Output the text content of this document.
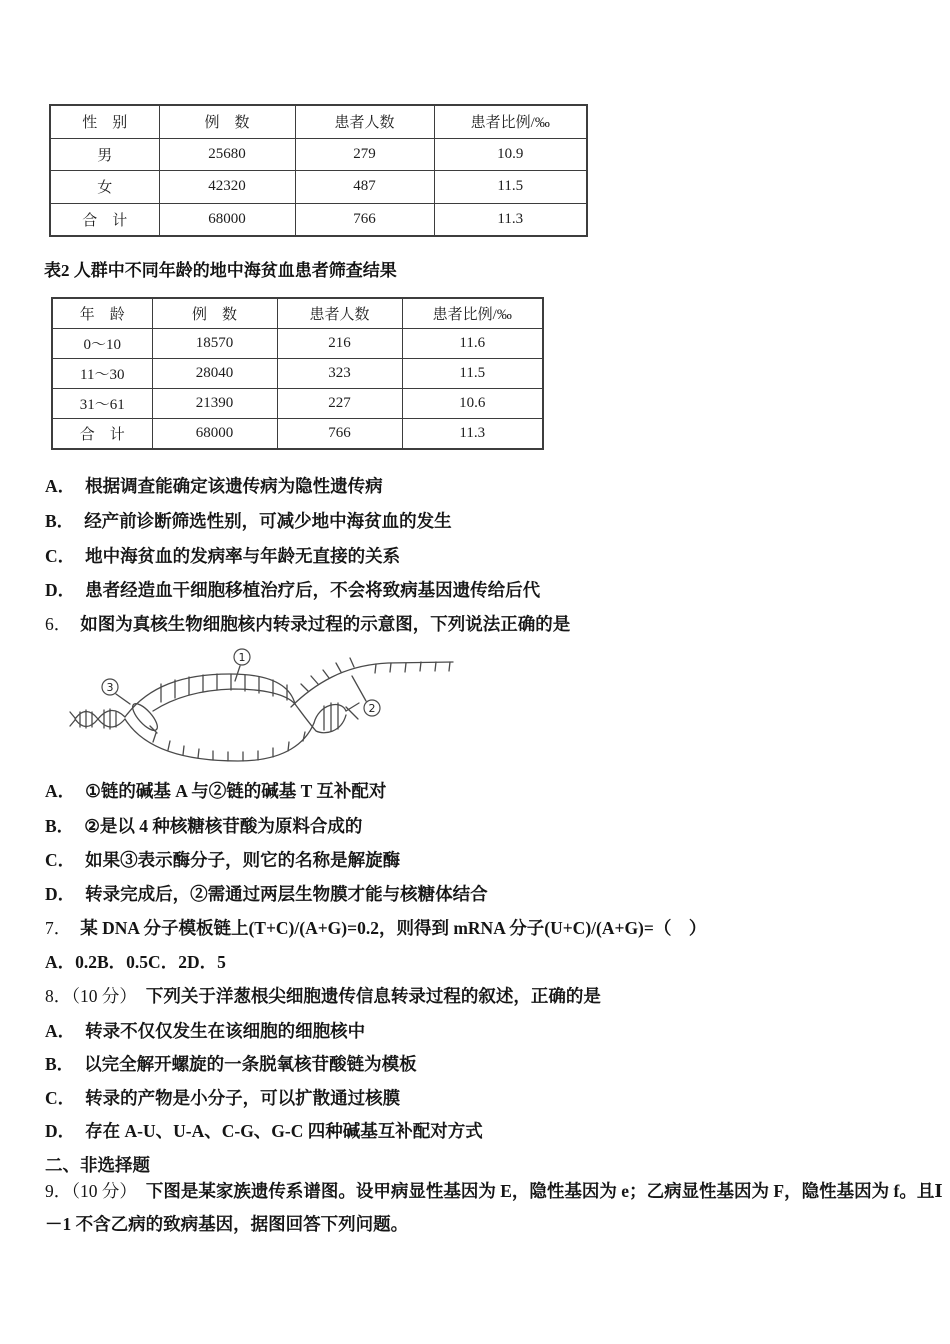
性　别	例　数	患者人数	患者比例/‰
男	25680	279	10.9
女	42320	487	11.5
合　计	68000	766	11.3
表2 人群中不同年龄的地中海贫血患者筛查结果
年　龄	例　数	患者人数	患者比例/‰
0～10	18570	216	11.6
11～30	28040	323	11.5
31～61	21390	227	10.6
合　计	68000	766	11.3
A． 根据调查能确定该遗传病为隐性遗传病
B． 经产前诊断筛选性别，可减少地中海贫血的发生
C． 地中海贫血的发病率与年龄无直接的关系
D． 患者经造血干细胞移植治疗后，不会将致病基因遗传给后代
6． 如图为真核生物细胞核内转录过程的示意图，下列说法正确的是
1
2
3
A． ①链的碱基 A 与②链的碱基 T 互补配对
B． ②是以 4 种核糖核苷酸为原料合成的
C． 如果③表示酶分子，则它的名称是解旋酶
D． 转录完成后，②需通过两层生物膜才能与核糖体结合
7． 某 DNA 分子模板链上(T+C)/(A+G)=0.2，则得到 mRNA 分子(U+C)/(A+G)=（　）
A．0.2B．0.5C．2D．5
8．（10 分） 下列关于洋葱根尖细胞遗传信息转录过程的叙述，正确的是
A． 转录不仅仅发生在该细胞的细胞核中
B． 以完全解开螺旋的一条脱氧核苷酸链为模板
C． 转录的产物是小分子，可以扩散通过核膜
D． 存在 A-U、U-A、C-G、G-C 四种碱基互补配对方式
二、非选择题
9．（10 分） 下图是某家族遗传系谱图。设甲病显性基因为 E，隐性基因为 e；乙病显性基因为 F，隐性基因为 f。且Ⅰ
－1 不含乙病的致病基因，据图回答下列问题。
